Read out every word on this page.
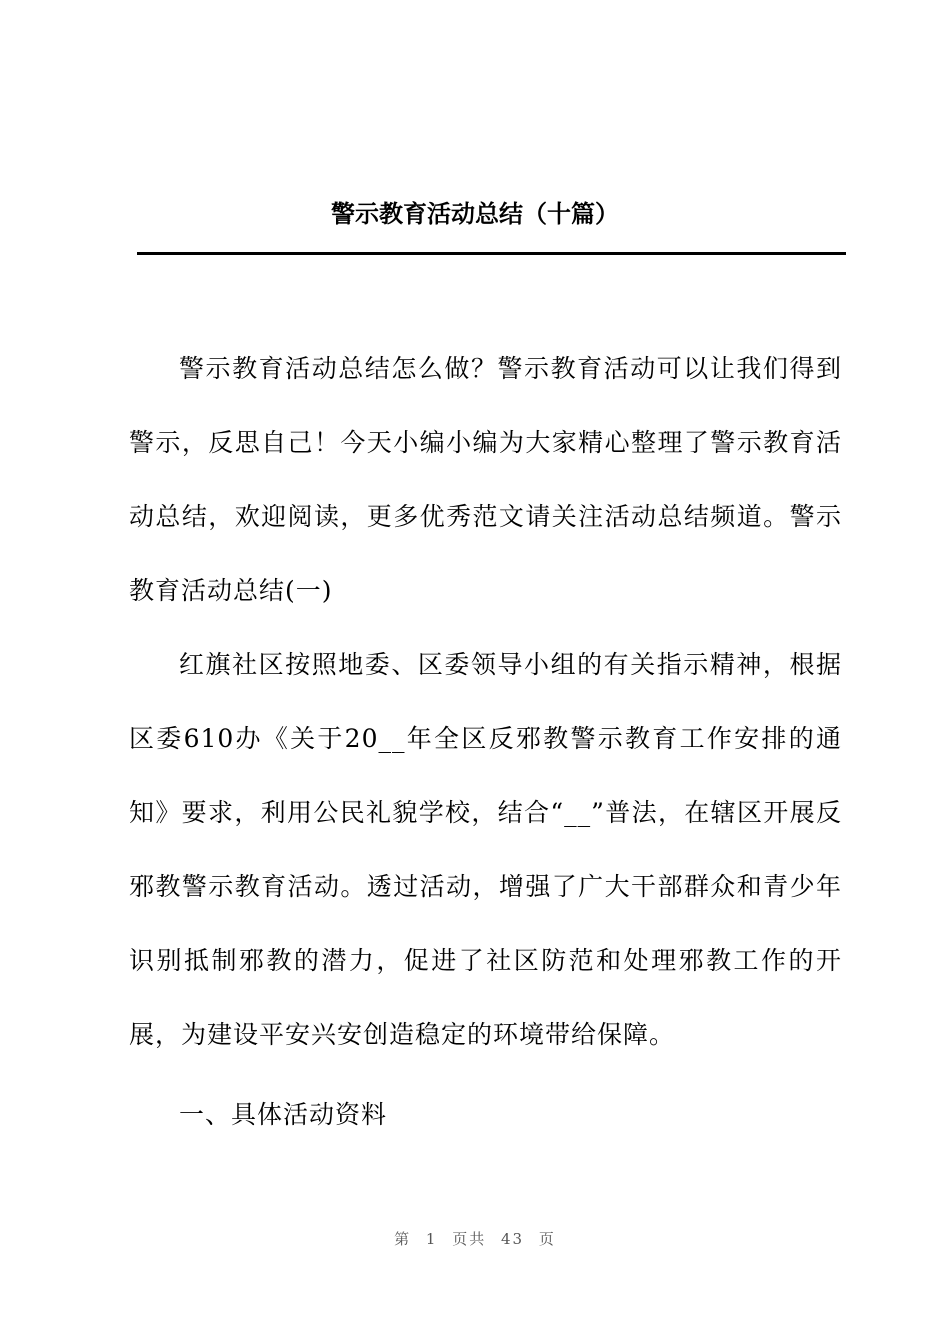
警示教育活动总结（十篇）

警示教育活动总结怎么做？警示教育活动可以让我们得到警示，反思自己！今天小编小编为大家精心整理了警示教育活动总结，欢迎阅读，更多优秀范文请关注活动总结频道。警示教育活动总结(一)

红旗社区按照地委、区委领导小组的有关指示精神，根据区委610办《关于20__年全区反邪教警示教育工作安排的通知》要求，利用公民礼貌学校，结合“__”普法，在辖区开展反邪教警示教育活动。透过活动，增强了广大干部群众和青少年识别抵制邪教的潜力，促进了社区防范和处理邪教工作的开展，为建设平安兴安创造稳定的环境带给保障。

一、具体活动资料

第 1 页共 43 页
